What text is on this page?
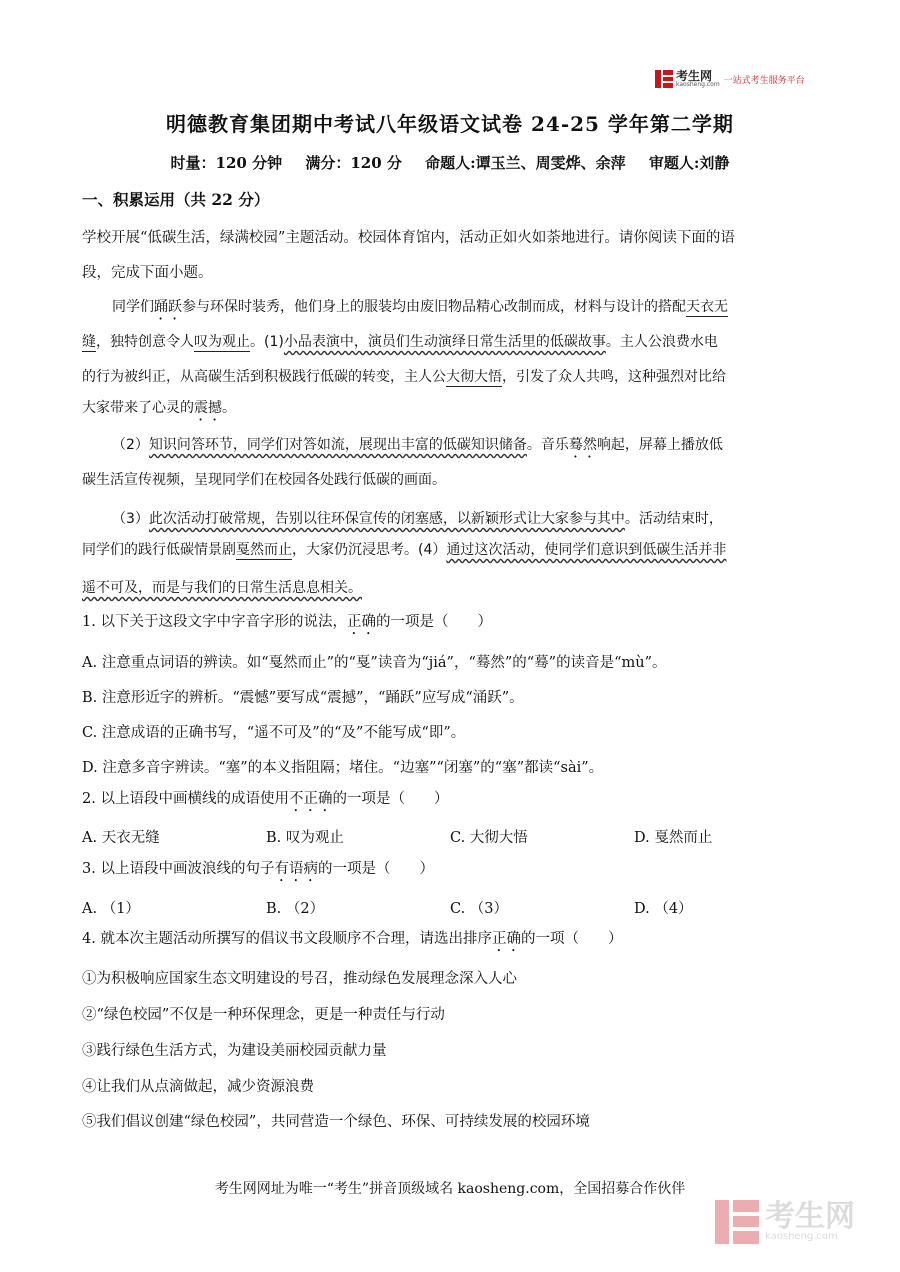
考生网
kaosheng.com 一站式考生服务平台
明德教育集团期中考试八年级语文试卷 24-25 学年第二学期
时量：120 分钟 满分：120 分 命题人:谭玉兰、周雯烨、余萍 审题人:刘静
一、积累运用（共 22 分）
学校开展“低碳生活，绿满校园”主题活动。校园体育馆内，活动正如火如荼地进行。请你阅读下面的语
段，完成下面小题。
同学们踊跃参与环保时装秀，他们身上的服装均由废旧物品精心改制而成，材料与设计的搭配天衣无
缝，独特创意令人叹为观止。(1)小品表演中，演员们生动演绎日常生活里的低碳故事。主人公浪费水电
的行为被纠正，从高碳生活到积极践行低碳的转变，主人公大彻大悟，引发了众人共鸣，这种强烈对比给
大家带来了心灵的震撼。
（2）知识问答环节，同学们对答如流，展现出丰富的低碳知识储备。音乐蓦然响起，屏幕上播放低
碳生活宣传视频，呈现同学们在校园各处践行低碳的画面。
（3）此次活动打破常规，告别以往环保宣传的闭塞感，以新颖形式让大家参与其中。活动结束时，
同学们的践行低碳情景剧戛然而止，大家仍沉浸思考。(4）通过这次活动，使同学们意识到低碳生活并非
遥不可及，而是与我们的日常生活息息相关。
1. 以下关于这段文字中字音字形的说法，正确的一项是（　　）
A. 注意重点词语的辨读。如“戛然而止”的“戛”读音为“jiá”，“蓦然”的“蓦”的读音是“mù”。
B. 注意形近字的辨析。“震憾”要写成“震撼”，“踊跃”应写成“涌跃”。
C. 注意成语的正确书写，“遥不可及”的“及”不能写成“即”。
D. 注意多音字辨读。“塞”的本义指阻隔；堵住。“边塞”“闭塞”的“塞”都读“sài”。
2. 以上语段中画横线的成语使用不正确的一项是（　　）
A. 天衣无缝	B. 叹为观止	C. 大彻大悟	D. 戛然而止
3. 以上语段中画波浪线的句子有语病的一项是（　　）
A. （1）	B. （2）	C. （3）	D. （4）
4. 就本次主题活动所撰写的倡议书文段顺序不合理，请选出排序正确的一项（　　）
①为积极响应国家生态文明建设的号召，推动绿色发展理念深入人心
②“绿色校园”不仅是一种环保理念，更是一种责任与行动
③践行绿色生活方式，为建设美丽校园贡献力量
④让我们从点滴做起，减少资源浪费
⑤我们倡议创建“绿色校园”，共同营造一个绿色、环保、可持续发展的校园环境
考生网网址为唯一“考生”拼音顶级域名 kaosheng.com，全国招募合作伙伴
考生网
kaosheng.com
